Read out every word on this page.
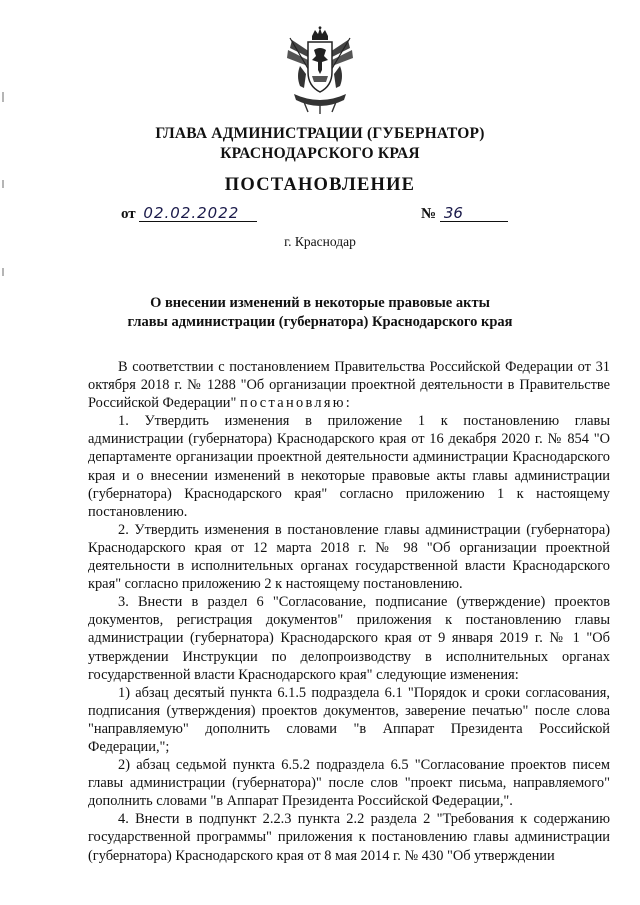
ГЛАВА АДМИНИСТРАЦИИ (ГУБЕРНАТОР)
КРАСНОДАРСКОГО КРАЯ
ПОСТАНОВЛЕНИЕ
от 02.02.2022	№ 36
г. Краснодар
О внесении изменений в некоторые правовые акты
главы администрации (губернатора) Краснодарского края

В соответствии с постановлением Правительства Российской Федерации от 31 октября 2018 г. № 1288 "Об организации проектной деятельности в Правительстве Российской Федерации" постановляю:

1. Утвердить изменения в приложение 1 к постановлению главы администрации (губернатора) Краснодарского края от 16 декабря 2020 г. № 854 "О департаменте организации проектной деятельности администрации Краснодарского края и о внесении изменений в некоторые правовые акты главы администрации (губернатора) Краснодарского края" согласно приложению 1 к настоящему постановлению.

2. Утвердить изменения в постановление главы администрации (губернатора) Краснодарского края от 12 марта 2018 г. № 98 "Об организации проектной деятельности в исполнительных органах государственной власти Краснодарского края" согласно приложению 2 к настоящему постановлению.

3. Внести в раздел 6 "Согласование, подписание (утверждение) проектов документов, регистрация документов" приложения к постановлению главы администрации (губернатора) Краснодарского края от 9 января 2019 г. № 1 "Об утверждении Инструкции по делопроизводству в исполнительных органах государственной власти Краснодарского края" следующие изменения:

1) абзац десятый пункта 6.1.5 подраздела 6.1 "Порядок и сроки согласования, подписания (утверждения) проектов документов, заверение печатью" после слова "направляемую" дополнить словами "в Аппарат Президента Российской Федерации,";

2) абзац седьмой пункта 6.5.2 подраздела 6.5 "Согласование проектов писем главы администрации (губернатора)" после слов "проект письма, направляемого" дополнить словами "в Аппарат Президента Российской Федерации,".

4. Внести в подпункт 2.2.3 пункта 2.2 раздела 2 "Требования к содержанию государственной программы" приложения к постановлению главы администрации (губернатора) Краснодарского края от 8 мая 2014 г. № 430 "Об утверждении
